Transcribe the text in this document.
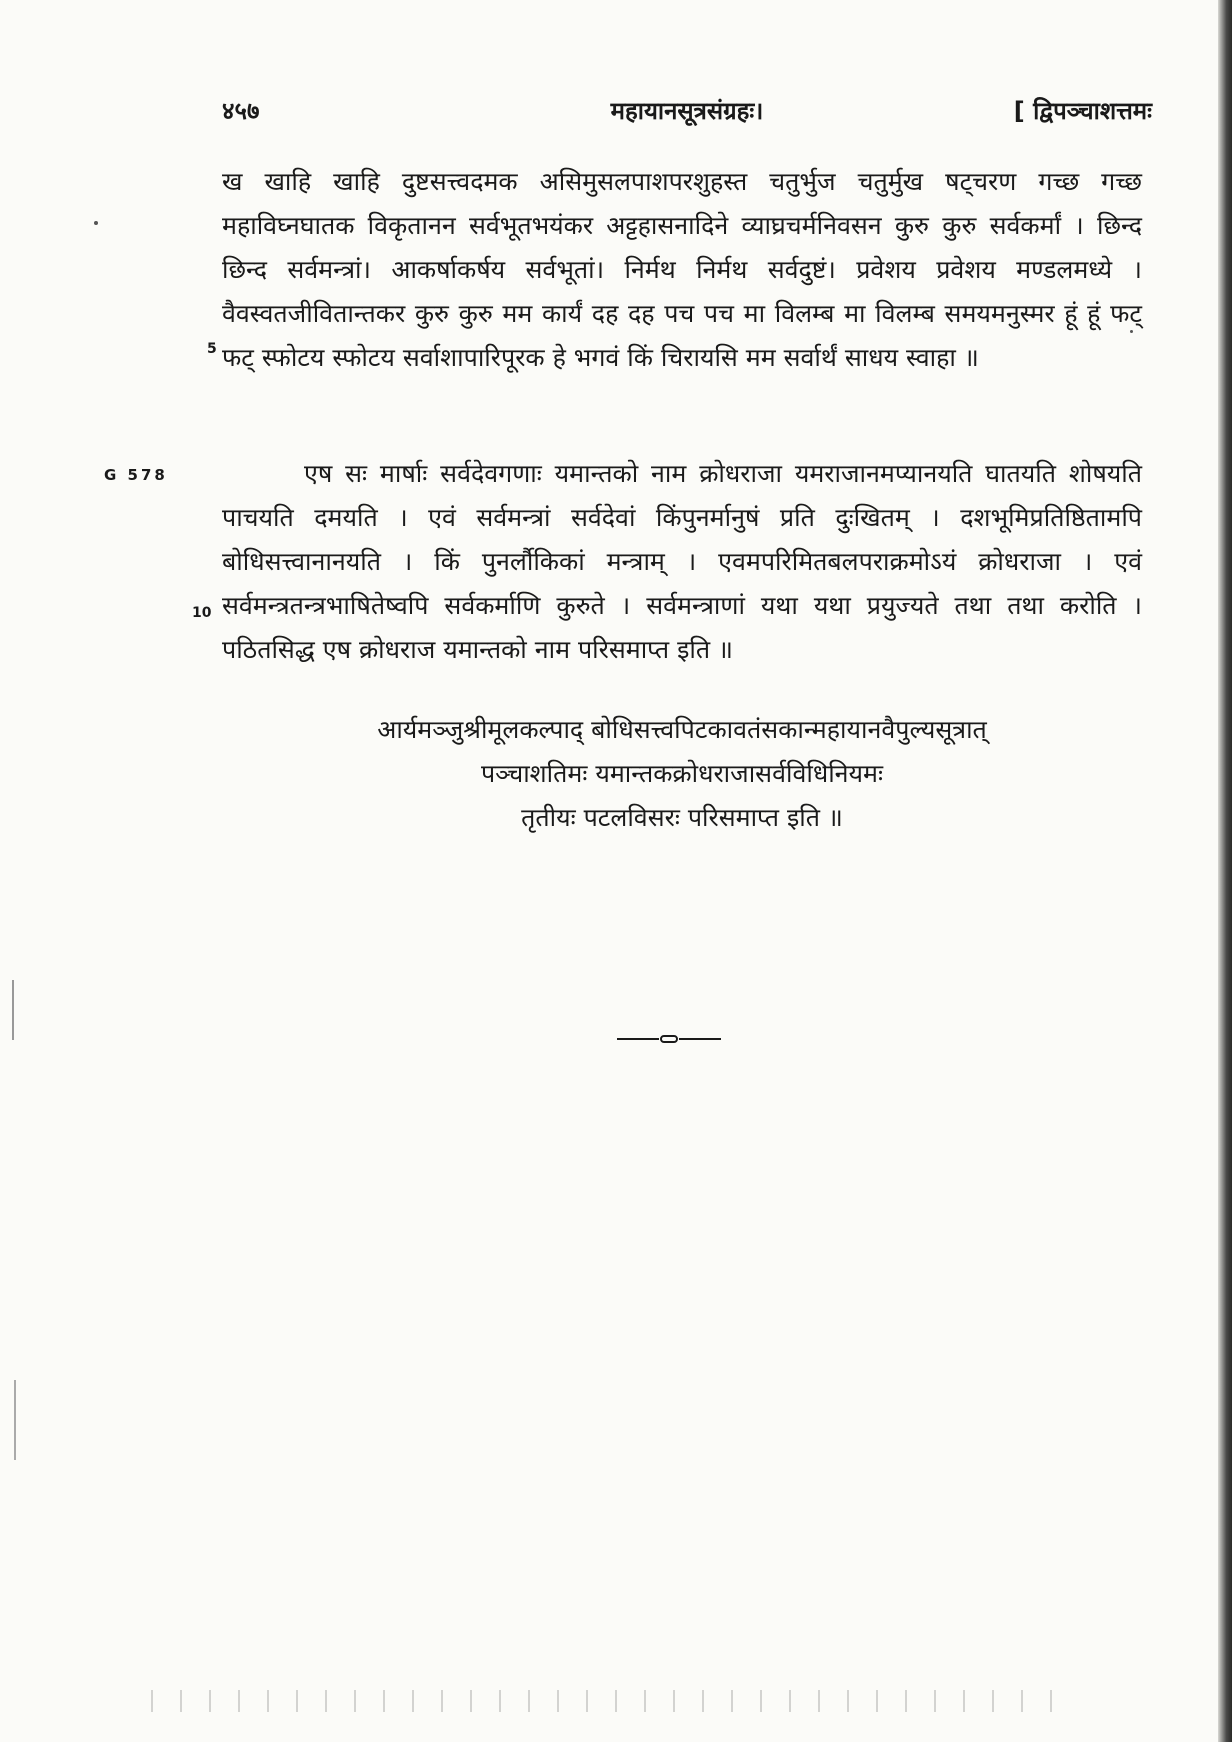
४५७	महायानसूत्रसंग्रहः।	[ द्विपञ्चाशत्तमः
5
G 578
10

ख खाहि खाहि दुष्टसत्त्वदमक असिमुसलपाशपरशुहस्त चतुर्भुज चतुर्मुख षट्चरण गच्छ गच्छ महाविघ्नघातक विकृतानन सर्वभूतभयंकर अट्टहासनादिने व्याघ्रचर्मनिवसन कुरु कुरु सर्वकर्मां । छिन्द छिन्द सर्वमन्त्रां। आकर्षाकर्षय सर्वभूतां। निर्मथ निर्मथ सर्वदुष्टं। प्रवेशय प्रवेशय मण्डलमध्ये । वैवस्वतजीवितान्तकर कुरु कुरु मम कार्यं दह दह पच पच मा विलम्ब मा विलम्ब समयमनुस्मर हूं हूं फट् फट् स्फोटय स्फोटय सर्वाशापारिपूरक हे भगवं किं चिरायसि मम सर्वार्थं साधय स्वाहा ॥

एष सः मार्षाः सर्वदेवगणाः यमान्तको नाम क्रोधराजा यमराजानमप्यानयति घातयति शोषयति पाचयति दमयति । एवं सर्वमन्त्रां सर्वदेवां किंपुनर्मानुषं प्रति दुःखितम् । दशभूमिप्रतिष्ठितामपि बोधिसत्त्वानानयति । किं पुनर्लौकिकां मन्त्राम् । एवमपरिमितबलपराक्रमोऽयं क्रोधराजा । एवं सर्वमन्त्रतन्त्रभाषितेष्वपि सर्वकर्माणि कुरुते । सर्वमन्त्राणां यथा यथा प्रयुज्यते तथा तथा करोति । पठितसिद्ध एष क्रोधराज यमान्तको नाम परिसमाप्त इति ॥

आर्यमञ्जुश्रीमूलकल्पाद् बोधिसत्त्वपिटकावतंसकान्महायानवैपुल्यसूत्रात्
पञ्चाशतिमः यमान्तकक्रोधराजासर्वविधिनियमः
तृतीयः पटलविसरः परिसमाप्त इति ॥
